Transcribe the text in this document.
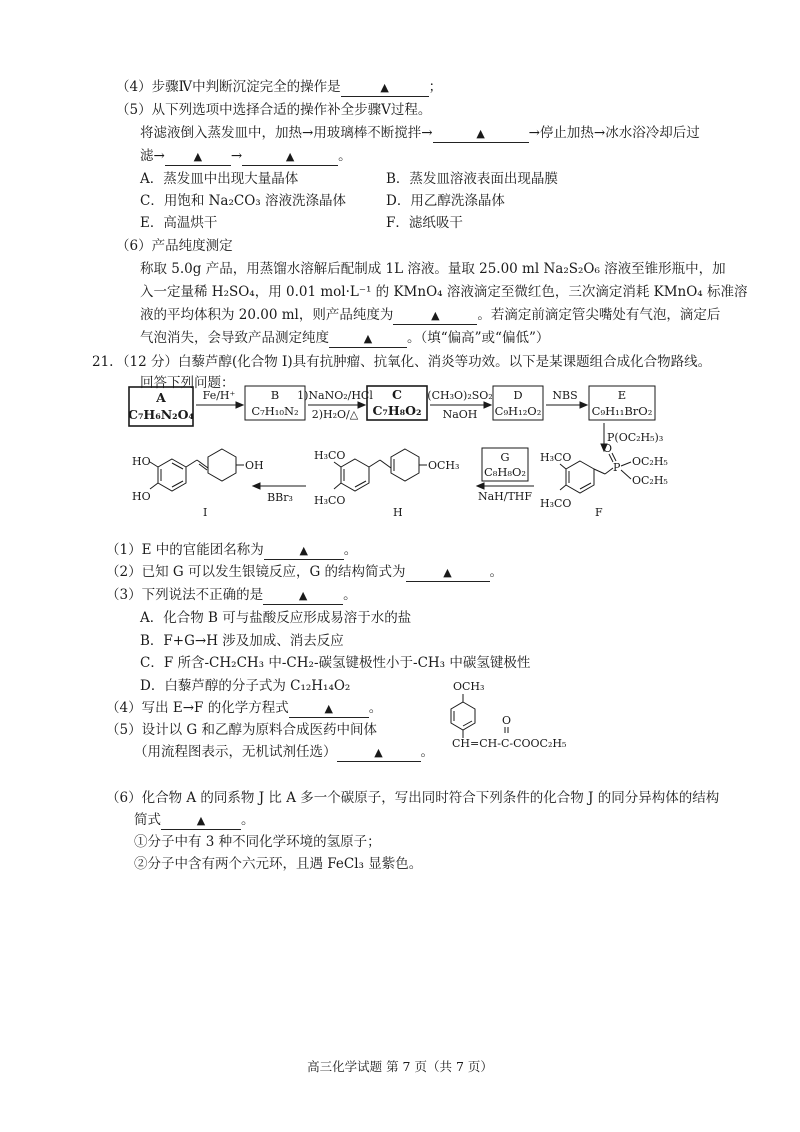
（4）步骤Ⅳ中判断沉淀完全的操作是	▲	；
（5）从下列选项中选择合适的操作补全步骤Ⅴ过程。
将滤液倒入蒸发皿中，加热→用玻璃棒不断搅拌→	▲	→停止加热→冰水浴冷却后过
滤→	▲ →	▲	。
A．蒸发皿中出现大量晶体	B．蒸发皿溶液表面出现晶膜
C．用饱和 Na₂CO₃ 溶液洗涤晶体	D．用乙醇洗涤晶体
E．高温烘干	F．滤纸吸干
（6）产品纯度测定
称取 5.0g 产品，用蒸馏水溶解后配制成 1L 溶液。量取 25.00 ml Na₂S₂O₆ 溶液至锥形瓶中，加
入一定量稀 H₂SO₄，用 0.01 mol·L⁻¹ 的 KMnO₄ 溶液滴定至微红色，三次滴定消耗 KMnO₄ 标准溶
液的平均体积为 20.00 ml，则产品纯度为	▲	。若滴定前滴定管尖嘴处有气泡，滴定后
气泡消失，会导致产品测定纯度	▲	。（填“偏高”或“偏低”）
21. （12 分）白藜芦醇(化合物 I)具有抗肿瘤、抗氧化、消炎等功效。以下是某课题组合成化合物路线。
回答下列问题：
A
C₇H₆N₂O₄
C
C₇H₈O₂
B
C₇H₁₀N₂
D
C₉H₁₂O₂
E
C₉H₁₁BrO₂
G
C₈H₈O₂
Fe/H⁺	1)NaNO₂/HCl
2)H₂O/△
(CH₃O)₂SO₂
NaOH
NBS
NaH/THF
BBr₃
P(OC₂H₅)₃
HO
HO
OH
I
H₃CO
H₃CO
OCH₃
H
H₃CO
H₃CO
P
O
OC₂H₅
OC₂H₅
F
OCH₃
O
CH=CH-C-COOC₂H₅
（1）E 中的官能团名称为	▲	。
（2）已知 G 可以发生银镜反应，G 的结构简式为	▲	。
（3）下列说法不正确的是	▲	。
A．化合物 B 可与盐酸反应形成易溶于水的盐
B．F+G→H 涉及加成、消去反应
C．F 所含-CH₂CH₃ 中-CH₂-碳氢键极性小于-CH₃ 中碳氢键极性
D．白藜芦醇的分子式为 C₁₂H₁₄O₂
（4）写出 E→F 的化学方程式	▲	。
（5）设计以 G 和乙醇为原料合成医药中间体
（用流程图表示，无机试剂任选）	▲	。
（6）化合物 A 的同系物 J 比 A 多一个碳原子，写出同时符合下列条件的化合物 J 的同分异构体的结构
简式	▲	。
①分子中有 3 种不同化学环境的氢原子；
②分子中含有两个六元环，且遇 FeCl₃ 显紫色。
高三化学试题 第 7 页（共 7 页）
